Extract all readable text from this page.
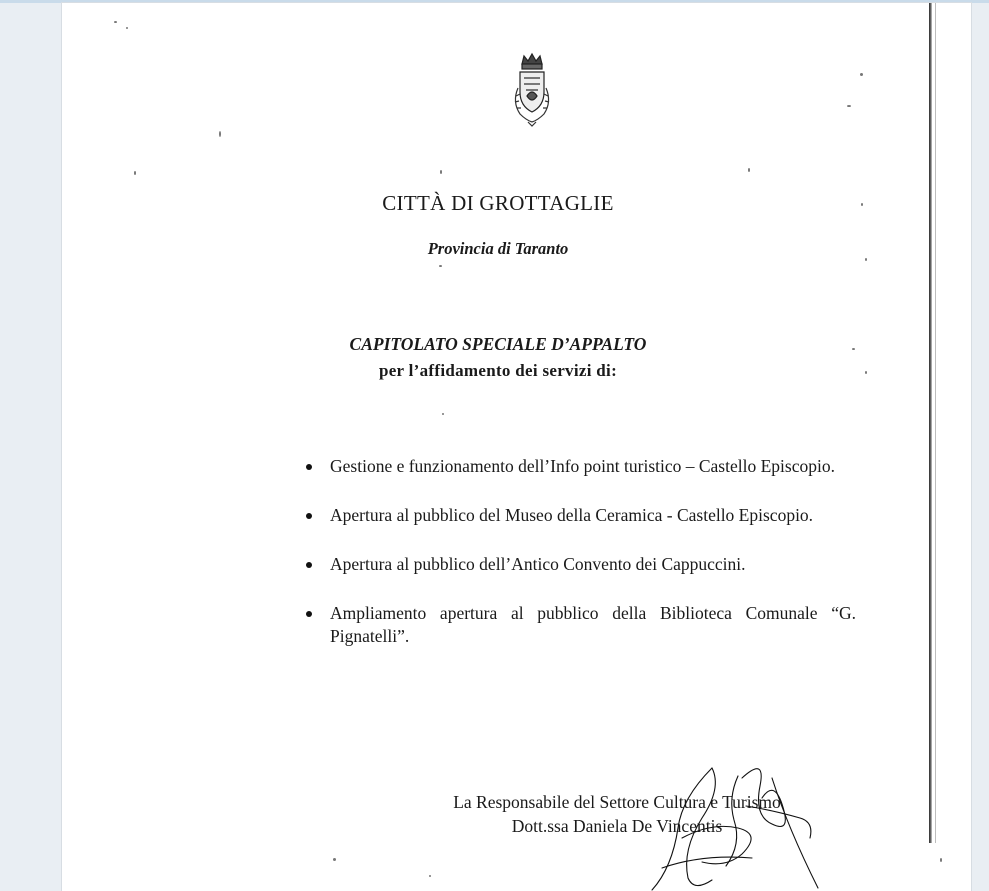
CITTÀ DI GROTTAGLIE
Provincia di Taranto
CAPITOLATO SPECIALE D’APPALTO
per l’affidamento dei servizi di:
Gestione e funzionamento dell’Info point turistico – Castello Episcopio.
Apertura al pubblico del Museo della Ceramica - Castello Episcopio.
Apertura al pubblico dell’Antico Convento dei Cappuccini.
Ampliamento apertura al pubblico della Biblioteca Comunale “G. Pignatelli”.
La Responsabile del Settore Cultura e Turismo
Dott.ssa Daniela De Vincentis
